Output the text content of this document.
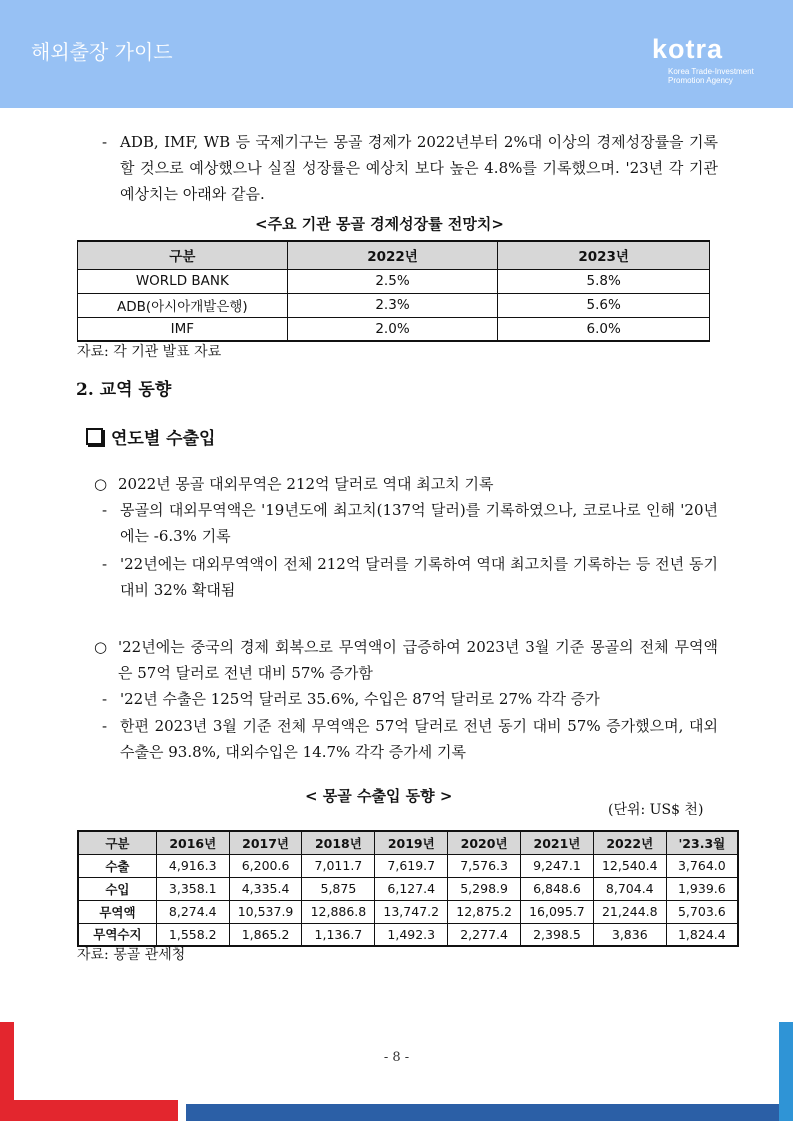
해외출장 가이드	kotra
Korea Trade-Investment
Promotion Agency
- ADB, IMF, WB 등 국제기구는 몽골 경제가 2022년부터 2%대 이상의 경제성장률을 기록할 것으로 예상했으나 실질 성장률은 예상치 보다 높은 4.8%를 기록했으며. '23년 각 기관 예상치는 아래와 같음.
<주요 기관 몽골 경제성장률 전망치>
구분	2022년	2023년
WORLD BANK	2.5%	5.8%
ADB(아시아개발은행)	2.3%	5.6%
IMF	2.0%	6.0%
자료: 각 기관 발표 자료
2. 교역 동향
연도별 수출입
○ 2022년 몽골 대외무역은 212억 달러로 역대 최고치 기록
- 몽골의 대외무역액은 '19년도에 최고치(137억 달러)를 기록하였으나, 코로나로 인해 '20년에는 -6.3% 기록
- '22년에는 대외무역액이 전체 212억 달러를 기록하여 역대 최고치를 기록하는 등 전년 동기 대비 32% 확대됨
○ '22년에는 중국의 경제 회복으로 무역액이 급증하여 2023년 3월 기준 몽골의 전체 무역액은 57억 달러로 전년 대비 57% 증가함
- '22년 수출은 125억 달러로 35.6%, 수입은 87억 달러로 27% 각각 증가
- 한편 2023년 3월 기준 전체 무역액은 57억 달러로 전년 동기 대비 57% 증가했으며, 대외 수출은 93.8%, 대외수입은 14.7% 각각 증가세 기록
< 몽골 수출입 동향 >
(단위: US$ 천)
구분	2016년	2017년	2018년	2019년	2020년	2021년	2022년	'23.3월
수출	4,916.3	6,200.6	7,011.7	7,619.7	7,576.3	9,247.1	12,540.4	3,764.0
수입	3,358.1	4,335.4	5,875	6,127.4	5,298.9	6,848.6	8,704.4	1,939.6
무역액	8,274.4	10,537.9	12,886.8	13,747.2	12,875.2	16,095.7	21,244.8	5,703.6
무역수지	1,558.2	1,865.2	1,136.7	1,492.3	2,277.4	2,398.5	3,836	1,824.4
자료: 몽골 관세청
- 8 -
